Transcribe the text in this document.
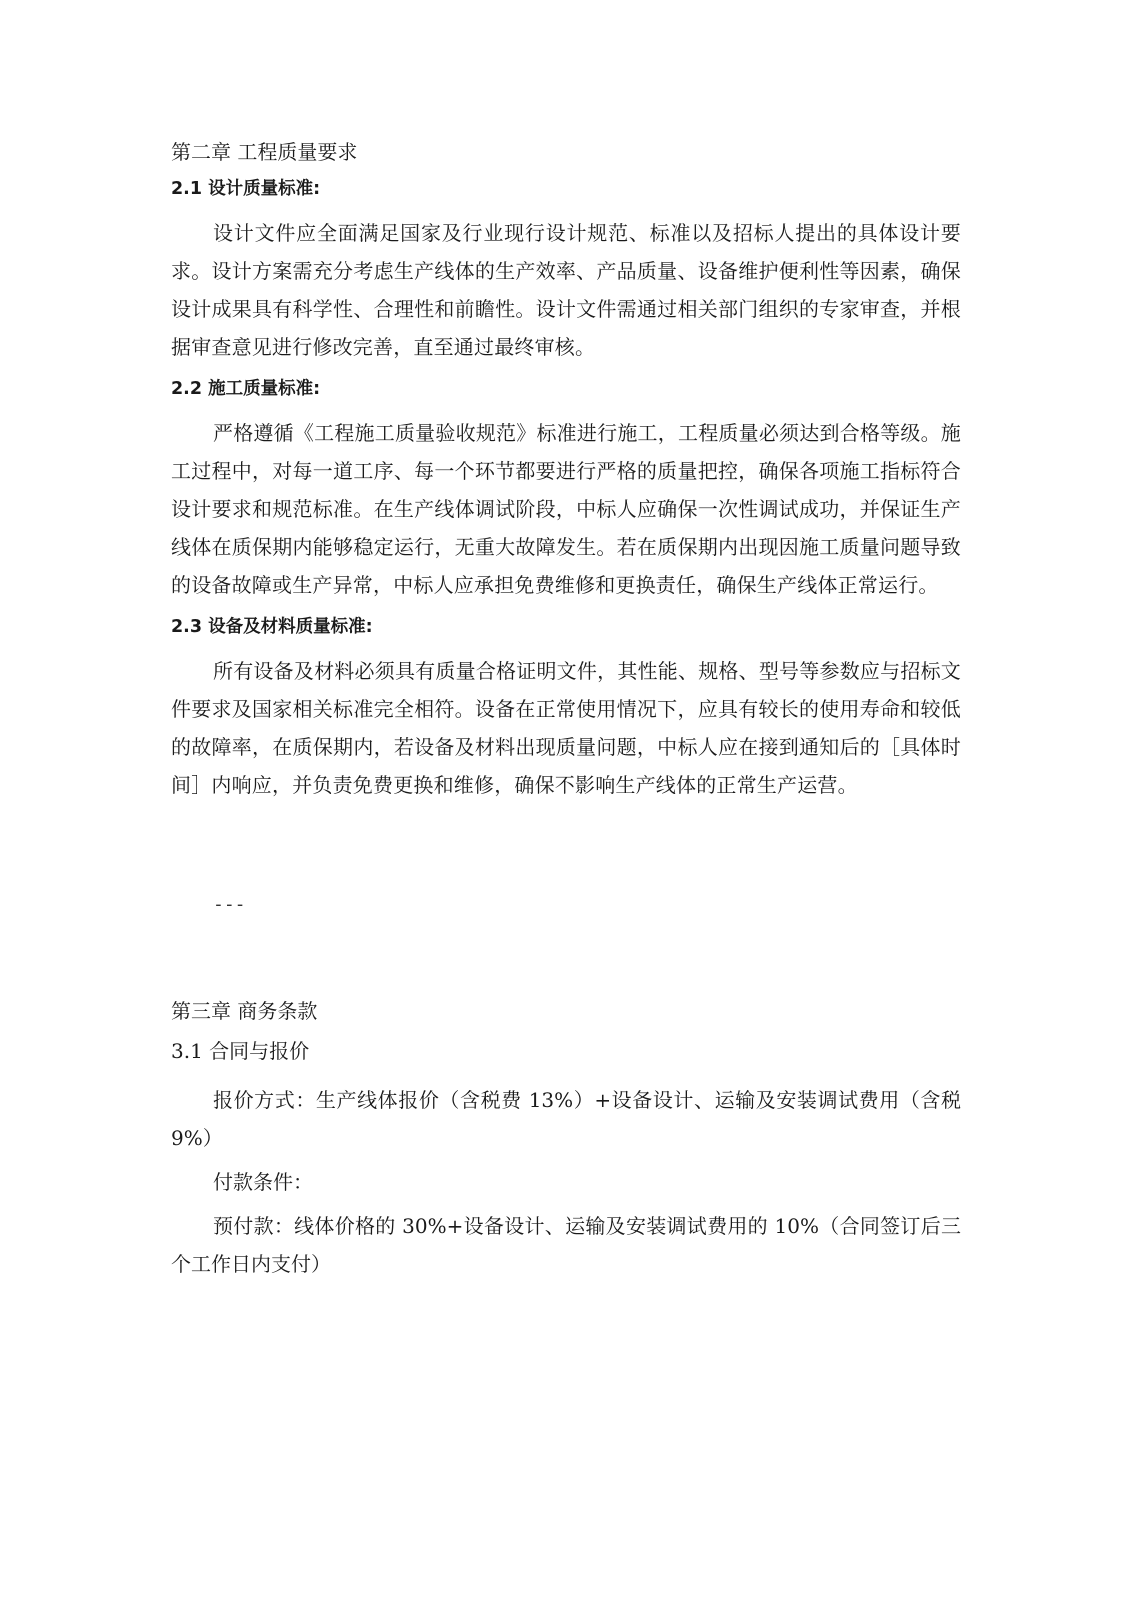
第二章 工程质量要求
2.1 设计质量标准:

设计文件应全面满足国家及行业现行设计规范、标准以及招标人提出的具体设计要求。设计方案需充分考虑生产线体的生产效率、产品质量、设备维护便利性等因素，确保设计成果具有科学性、合理性和前瞻性。设计文件需通过相关部门组织的专家审查，并根据审查意见进行修改完善，直至通过最终审核。

2.2 施工质量标准:

严格遵循《工程施工质量验收规范》标准进行施工，工程质量必须达到合格等级。施工过程中，对每一道工序、每一个环节都要进行严格的质量把控，确保各项施工指标符合设计要求和规范标准。在生产线体调试阶段，中标人应确保一次性调试成功，并保证生产线体在质保期内能够稳定运行，无重大故障发生。若在质保期内出现因施工质量问题导致的设备故障或生产异常，中标人应承担免费维修和更换责任，确保生产线体正常运行。

2.3 设备及材料质量标准:

所有设备及材料必须具有质量合格证明文件，其性能、规格、型号等参数应与招标文件要求及国家相关标准完全相符。设备在正常使用情况下，应具有较长的使用寿命和较低的故障率，在质保期内，若设备及材料出现质量问题，中标人应在接到通知后的［具体时间］内响应，并负责免费更换和维修，确保不影响生产线体的正常生产运营。

---
第三章 商务条款
3.1 合同与报价

报价方式：生产线体报价（含税费 13%）+设备设计、运输及安装调试费用（含税 9%）

付款条件：

预付款：线体价格的 30%+设备设计、运输及安装调试费用的 10%（合同签订后三个工作日内支付）
